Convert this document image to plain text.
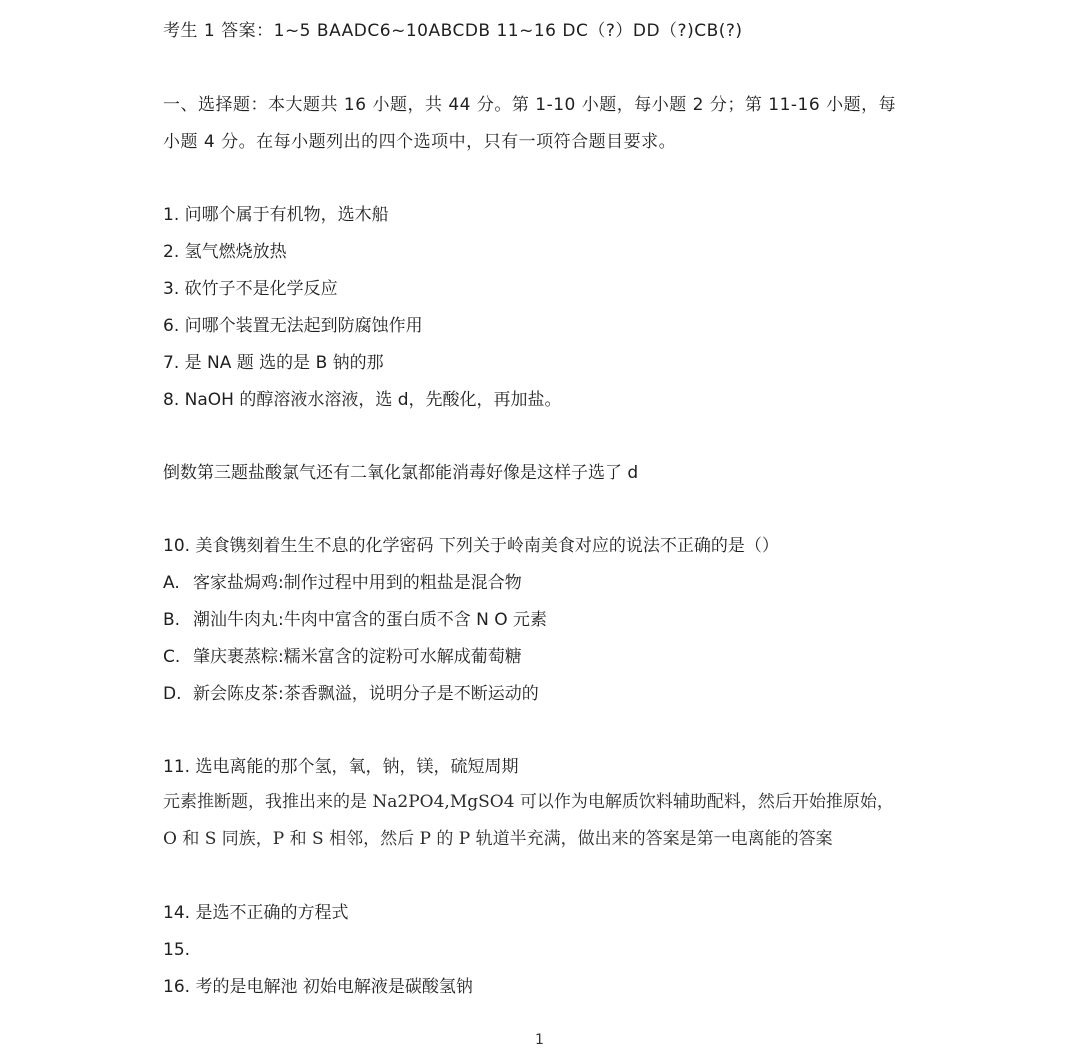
考生 1 答案：1~5 BAADC6~10ABCDB 11~16 DC（?）DD（?)CB(?)
一、选择题：本大题共 16 小题，共 44 分。第 1-10 小题，每小题 2 分；第 11-16 小题，每
小题 4 分。在每小题列出的四个选项中，只有一项符合题目要求。
1. 问哪个属于有机物，选木船
2. 氢气燃烧放热
3. 砍竹子不是化学反应
6. 问哪个装置无法起到防腐蚀作用
7. 是 NA 题 选的是 B 钠的那
8. NaOH 的醇溶液水溶液，选 d，先酸化，再加盐。
倒数第三题盐酸氯气还有二氧化氯都能消毒好像是这样子选了 d
10. 美食镌刻着生生不息的化学密码 下列关于岭南美食对应的说法不正确的是（）
A. 客家盐焗鸡:制作过程中用到的粗盐是混合物
B. 潮汕牛肉丸:牛肉中富含的蛋白质不含 N O 元素
C. 肇庆裹蒸粽:糯米富含的淀粉可水解成葡萄糖
D. 新会陈皮茶:茶香飘溢，说明分子是不断运动的
11. 选电离能的那个氢，氧，钠，镁，硫短周期
元素推断题，我推出来的是 Na2PO4,MgSO4 可以作为电解质饮料辅助配料，然后开始推原始，
O 和 S 同族，P 和 S 相邻，然后 P 的 P 轨道半充满，做出来的答案是第一电离能的答案
14. 是选不正确的方程式
15.
16. 考的是电解池 初始电解液是碳酸氢钠
1
